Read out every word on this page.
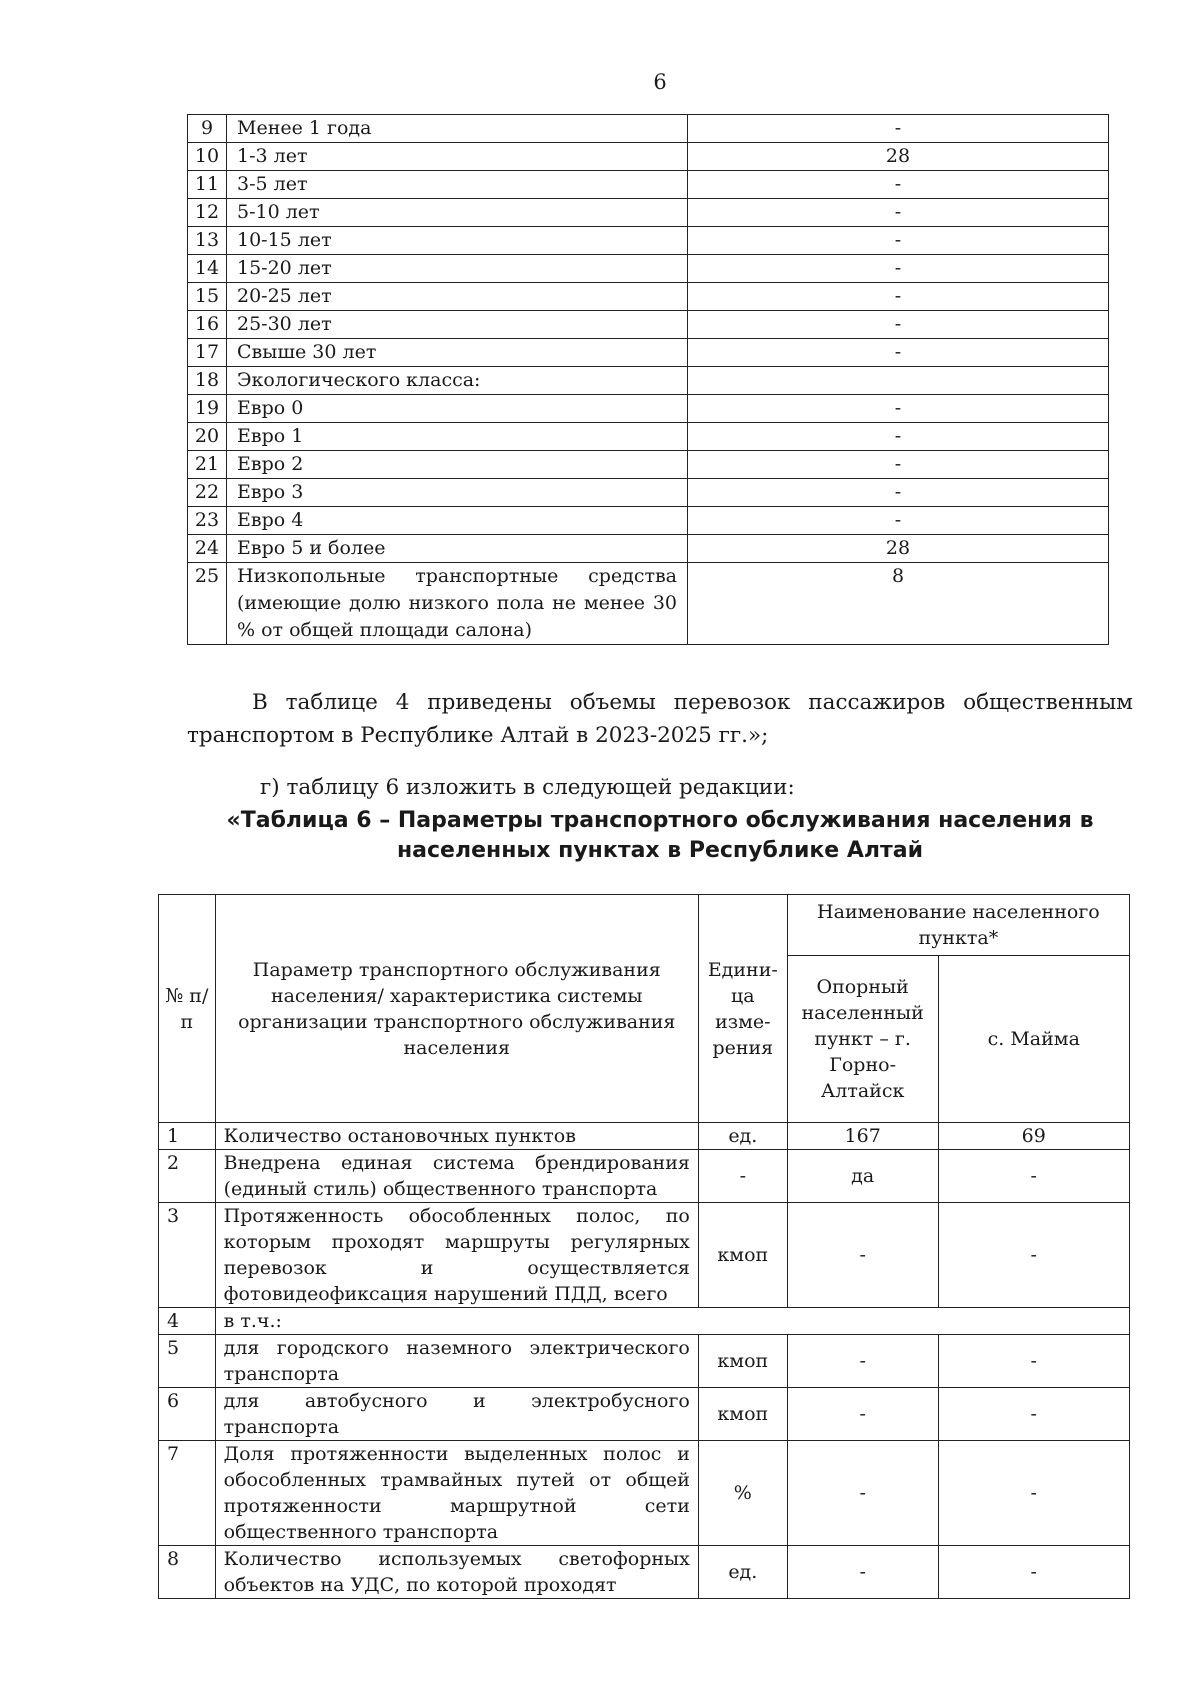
6
9	Менее 1 года	-
10	1-3 лет	28
11	3-5 лет	-
12	5-10 лет	-
13	10-15 лет	-
14	15-20 лет	-
15	20-25 лет	-
16	25-30 лет	-
17	Свыше 30 лет	-
18	Экологического класса:	
19	Евро 0	-
20	Евро 1	-
21	Евро 2	-
22	Евро 3	-
23	Евро 4	-
24	Евро 5 и более	28
25	Низкопольные транспортные средства (имеющие долю низкого пола не менее 30 % от общей площади салона)	8

В таблице 4 приведены объемы перевозок пассажиров общественным транспортом в Республике Алтай в 2023-2025 гг.»;

г) таблицу 6 изложить в следующей редакции:

«Таблица 6 – Параметры транспортного обслуживания населения в населенных пунктах в Республике Алтай
№ п/ п	Параметр транспортного обслуживания населения/ характеристика системы организации транспортного обслуживания населения	Едини-ца изме-рения	Наименование населенного пункта*	
			Опорный населенный пункт – г. Горно-Алтайск	с. Майма
1	Количество остановочных пунктов	ед.	167	69
2	Внедрена единая система брендирования (единый стиль) общественного транспорта	-	да	-
3	Протяженность обособленных полос, по которым проходят маршруты регулярных перевозок и осуществляется фотовидеофиксация нарушений ПДД, всего	кмоп	-	-
4	в т.ч.:			
5	для городского наземного электрического транспорта	кмоп	-	-
6	для автобусного и электробусного транспорта	кмоп	-	-
7	Доля протяженности выделенных полос и обособленных трамвайных путей от общей протяженности маршрутной сети общественного транспорта	%	-	-
8	Количество используемых светофорных объектов на УДС, по которой проходят	ед.	-	-
